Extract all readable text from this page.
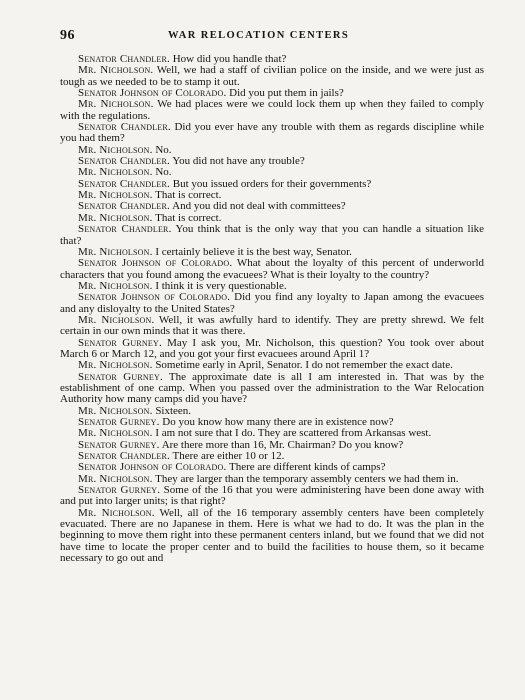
96	WAR RELOCATION CENTERS

Senator Chandler. How did you handle that?

Mr. Nicholson. Well, we had a staff of civilian police on the inside, and we were just as tough as we needed to be to stamp it out.

Senator Johnson of Colorado. Did you put them in jails?

Mr. Nicholson. We had places were we could lock them up when they failed to comply with the regulations.

Senator Chandler. Did you ever have any trouble with them as regards discipline while you had them?

Mr. Nicholson. No.

Senator Chandler. You did not have any trouble?

Mr. Nicholson. No.

Senator Chandler. But you issued orders for their governments?

Mr. Nicholson. That is correct.

Senator Chandler. And you did not deal with committees?

Mr. Nicholson. That is correct.

Senator Chandler. You think that is the only way that you can handle a situation like that?

Mr. Nicholson. I certainly believe it is the best way, Senator.

Senator Johnson of Colorado. What about the loyalty of this percent of underworld characters that you found among the evacuees? What is their loyalty to the country?

Mr. Nicholson. I think it is very questionable.

Senator Johnson of Colorado. Did you find any loyalty to Japan among the evacuees and any disloyalty to the United States?

Mr. Nicholson. Well, it was awfully hard to identify. They are pretty shrewd. We felt certain in our own minds that it was there.

Senator Gurney. May I ask you, Mr. Nicholson, this question? You took over about March 6 or March 12, and you got your first evacuees around April 1?

Mr. Nicholson. Sometime early in April, Senator. I do not remember the exact date.

Senator Gurney. The approximate date is all I am interested in. That was by the establishment of one camp. When you passed over the administration to the War Relocation Authority how many camps did you have?

Mr. Nicholson. Sixteen.

Senator Gurney. Do you know how many there are in existence now?

Mr. Nicholson. I am not sure that I do. They are scattered from Arkansas west.

Senator Gurney. Are there more than 16, Mr. Chairman? Do you know?

Senator Chandler. There are either 10 or 12.

Senator Johnson of Colorado. There are different kinds of camps?

Mr. Nicholson. They are larger than the temporary assembly centers we had them in.

Senator Gurney. Some of the 16 that you were administering have been done away with and put into larger units; is that right?

Mr. Nicholson. Well, all of the 16 temporary assembly centers have been completely evacuated. There are no Japanese in them. Here is what we had to do. It was the plan in the beginning to move them right into these permanent centers inland, but we found that we did not have time to locate the proper center and to build the facilities to house them, so it became necessary to go out and
